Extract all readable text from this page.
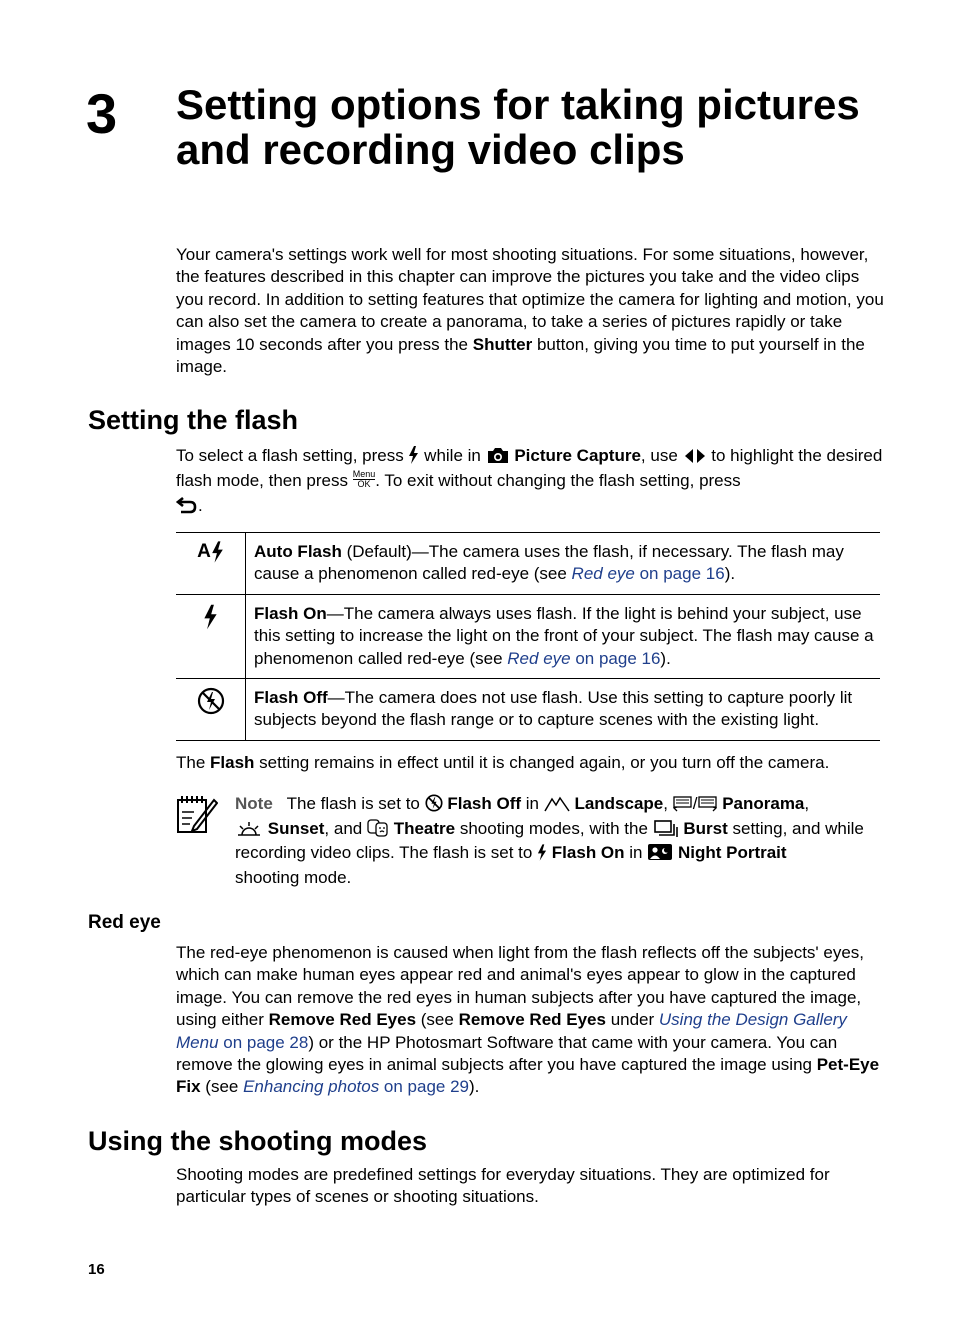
3 Setting options for taking pictures and recording video clips

Your camera's settings work well for most shooting situations. For some situations, however, the features described in this chapter can improve the pictures you take and the video clips you record. In addition to setting features that optimize the camera for lighting and motion, you can also set the camera to create a panorama, to take a series of pictures rapidly or take images 10 seconds after you press the Shutter button, giving you time to put yourself in the image.

Setting the flash

To select a flash setting, press  while in  Picture Capture, use  to highlight the desired flash mode, then press Menu
OK . To exit without changing the flash setting, press
.

A	Auto Flash (Default)—The camera uses the flash, if necessary. The flash may cause a phenomenon called red-eye (see Red eye on page 16).
	Flash On—The camera always uses flash. If the light is behind your subject, use this setting to increase the light on the front of your subject. The flash may cause a phenomenon called red-eye (see Red eye on page 16).
	Flash Off—The camera does not use flash. Use this setting to capture poorly lit subjects beyond the flash range or to capture scenes with the existing light.

The Flash setting remains in effect until it is changed again, or you turn off the camera.

Note The flash is set to  Flash Off in  Landscape, / Panorama,
Sunset, and  Theatre shooting modes, with the  Burst setting, and while recording video clips. The flash is set to  Flash On in  Night Portrait
shooting mode.

Red eye

The red-eye phenomenon is caused when light from the flash reflects off the subjects' eyes, which can make human eyes appear red and animal's eyes appear to glow in the captured image. You can remove the red eyes in human subjects after you have captured the image, using either Remove Red Eyes (see Remove Red Eyes under Using the Design Gallery Menu on page 28) or the HP Photosmart Software that came with your camera. You can remove the glowing eyes in animal subjects after you have captured the image using Pet-Eye Fix (see Enhancing photos on page 29).

Using the shooting modes

Shooting modes are predefined settings for everyday situations. They are optimized for particular types of scenes or shooting situations.

16
